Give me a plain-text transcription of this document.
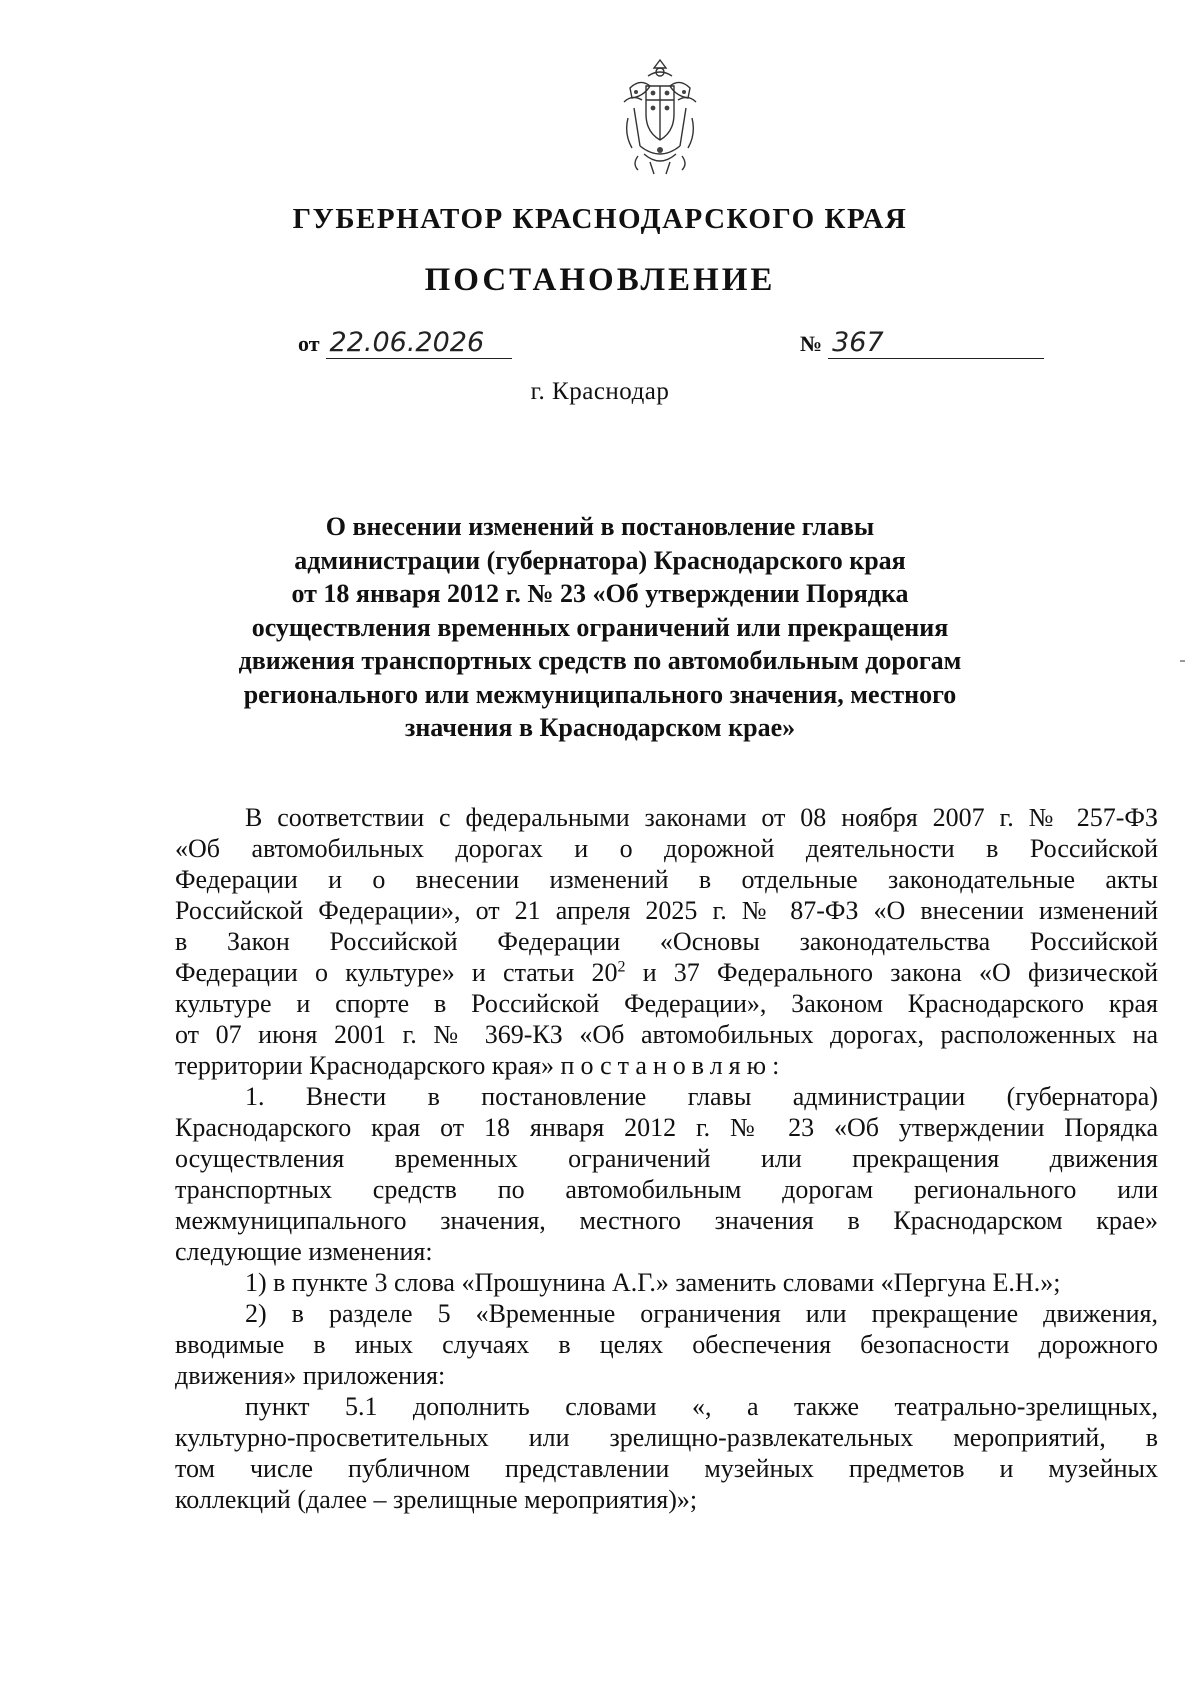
ГУБЕРНАТОР КРАСНОДАРСКОГО КРАЯ
ПОСТАНОВЛЕНИЕ
от 22.06.2026	№ 367
г. Краснодар
О внесении изменений в постановление главы
администрации (губернатора) Краснодарского края
от 18 января 2012 г. № 23 «Об утверждении Порядка
осуществления временных ограничений или прекращения
движения транспортных средств по автомобильным дорогам
регионального или межмуниципального значения, местного
значения в Краснодарском крае»
В соответствии с федеральными законами от 08 ноября 2007 г. № 257-ФЗ
«Об автомобильных дорогах и о дорожной деятельности в Российской
Федерации и о внесении изменений в отдельные законодательные акты
Российской Федерации», от 21 апреля 2025 г. № 87-ФЗ «О внесении изменений
в Закон Российской Федерации «Основы законодательства Российской
Федерации о культуре» и статьи $20^2$ и 37 Федерального закона «О физической
культуре и спорте в Российской Федерации», Законом Краснодарского края
от 07 июня 2001 г. № 369-КЗ «Об автомобильных дорогах, расположенных на
территории Краснодарского края» постановляю:
1. Внести в постановление главы администрации (губернатора)
Краснодарского края от 18 января 2012 г. № 23 «Об утверждении Порядка
осуществления временных ограничений или прекращения движения
транспортных средств по автомобильным дорогам регионального или
межмуниципального значения, местного значения в Краснодарском крае»
следующие изменения:
1) в пункте 3 слова «Прошунина А.Г.» заменить словами «Пергуна Е.Н.»;
2) в разделе 5 «Временные ограничения или прекращение движения,
вводимые в иных случаях в целях обеспечения безопасности дорожного
движения» приложения:
пункт 5.1 дополнить словами «, а также театрально-зрелищных,
культурно-просветительных или зрелищно-развлекательных мероприятий, в
том числе публичном представлении музейных предметов и музейных
коллекций (далее – зрелищные мероприятия)»;
